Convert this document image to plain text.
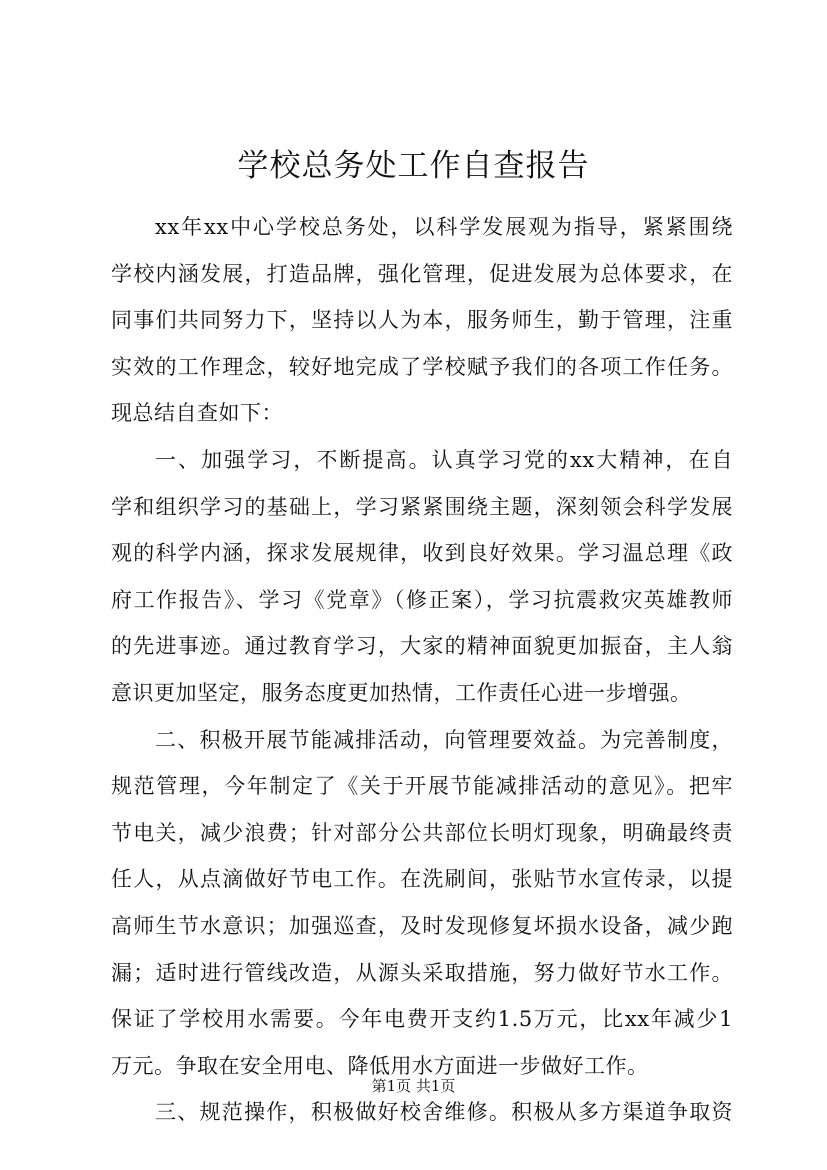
学校总务处工作自查报告
xx年xx中心学校总务处，以科学发展观为指导，紧紧围绕
学校内涵发展，打造品牌，强化管理，促进发展为总体要求，在
同事们共同努力下，坚持以人为本，服务师生，勤于管理，注重
实效的工作理念，较好地完成了学校赋予我们的各项工作任务。
现总结自查如下：
一、加强学习，不断提高。认真学习党的xx大精神，在自
学和组织学习的基础上，学习紧紧围绕主题，深刻领会科学发展
观的科学内涵，探求发展规律，收到良好效果。学习温总理《政
府工作报告》、学习《党章》（修正案），学习抗震救灾英雄教师
的先进事迹。通过教育学习，大家的精神面貌更加振奋，主人翁
意识更加坚定，服务态度更加热情，工作责任心进一步增强。
二、积极开展节能减排活动，向管理要效益。为完善制度，
规范管理，今年制定了《关于开展节能减排活动的意见》。把牢
节电关，减少浪费；针对部分公共部位长明灯现象，明确最终责
任人，从点滴做好节电工作。在洗刷间，张贴节水宣传录，以提
高师生节水意识；加强巡查，及时发现修复坏损水设备，减少跑
漏；适时进行管线改造，从源头采取措施，努力做好节水工作。
保证了学校用水需要。今年电费开支约1.5万元，比xx年减少1
万元。争取在安全用电、降低用水方面进一步做好工作。
三、规范操作，积极做好校舍维修。积极从多方渠道争取资

第1页 共1页
